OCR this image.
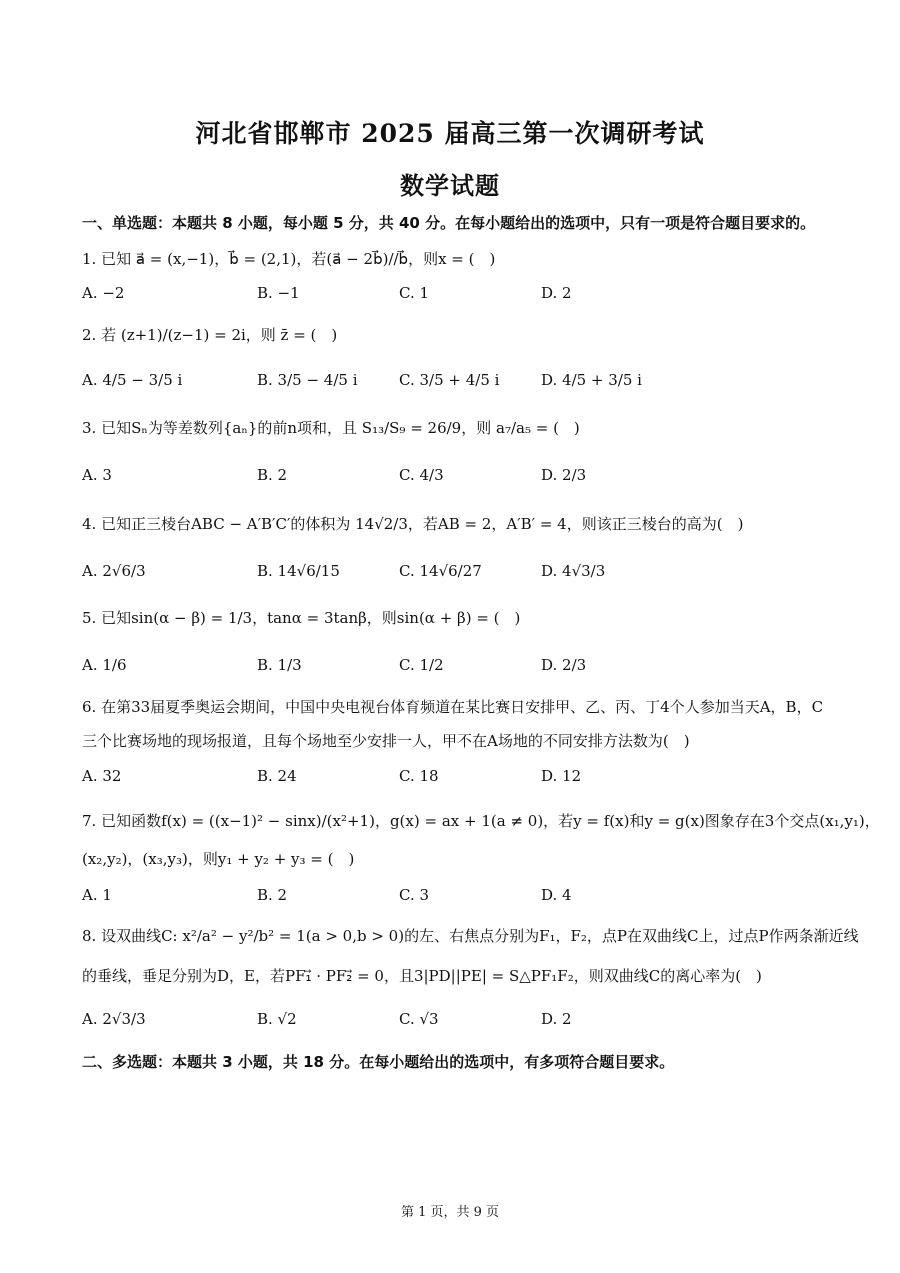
河北省邯郸市 2025 届高三第一次调研考试
数学试题
一、单选题：本题共 8 小题，每小题 5 分，共 40 分。在每小题给出的选项中，只有一项是符合题目要求的。
1. 已知 a⃗ = (x,−1)，b⃗ = (2,1)，若(a⃗ − 2b⃗)//b⃗，则x = (　)
A. −2	B. −1	C. 1	D. 2
2. 若 (z+1)/(z−1) = 2i，则 z̄ = (　)
A. 4/5 − 3/5 i	B. 3/5 − 4/5 i	C. 3/5 + 4/5 i	D. 4/5 + 3/5 i
3. 已知Sₙ为等差数列{aₙ}的前n项和，且 S₁₃/S₉ = 26/9，则 a₇/a₅ = (　)
A. 3	B. 2	C. 4/3	D. 2/3
4. 已知正三棱台ABC − A′B′C′的体积为 14√2/3，若AB = 2，A′B′ = 4，则该正三棱台的高为(　)
A. 2√6/3	B. 14√6/15	C. 14√6/27	D. 4√3/3
5. 已知sin(α − β) = 1/3，tanα = 3tanβ，则sin(α + β) = (　)
A. 1/6	B. 1/3	C. 1/2	D. 2/3
6. 在第33届夏季奥运会期间，中国中央电视台体育频道在某比赛日安排甲、乙、丙、丁4个人参加当天A，B，C
三个比赛场地的现场报道，且每个场地至少安排一人，甲不在A场地的不同安排方法数为(　)
A. 32	B. 24	C. 18	D. 12
7. 已知函数f(x) = ((x−1)² − sinx)/(x²+1)，g(x) = ax + 1(a ≠ 0)，若y = f(x)和y = g(x)图象存在3个交点(x₁,y₁)，
(x₂,y₂)，(x₃,y₃)，则y₁ + y₂ + y₃ = (　)
A. 1	B. 2	C. 3	D. 4
8. 设双曲线C: x²/a² − y²/b² = 1(a > 0,b > 0)的左、右焦点分别为F₁，F₂，点P在双曲线C上，过点P作两条渐近线
的垂线，垂足分别为D，E，若PF₁⃗ · PF₂⃗ = 0，且3|PD||PE| = S△PF₁F₂，则双曲线C的离心率为(　)
A. 2√3/3	B. √2	C. √3	D. 2
二、多选题：本题共 3 小题，共 18 分。在每小题给出的选项中，有多项符合题目要求。
第 1 页，共 9 页
